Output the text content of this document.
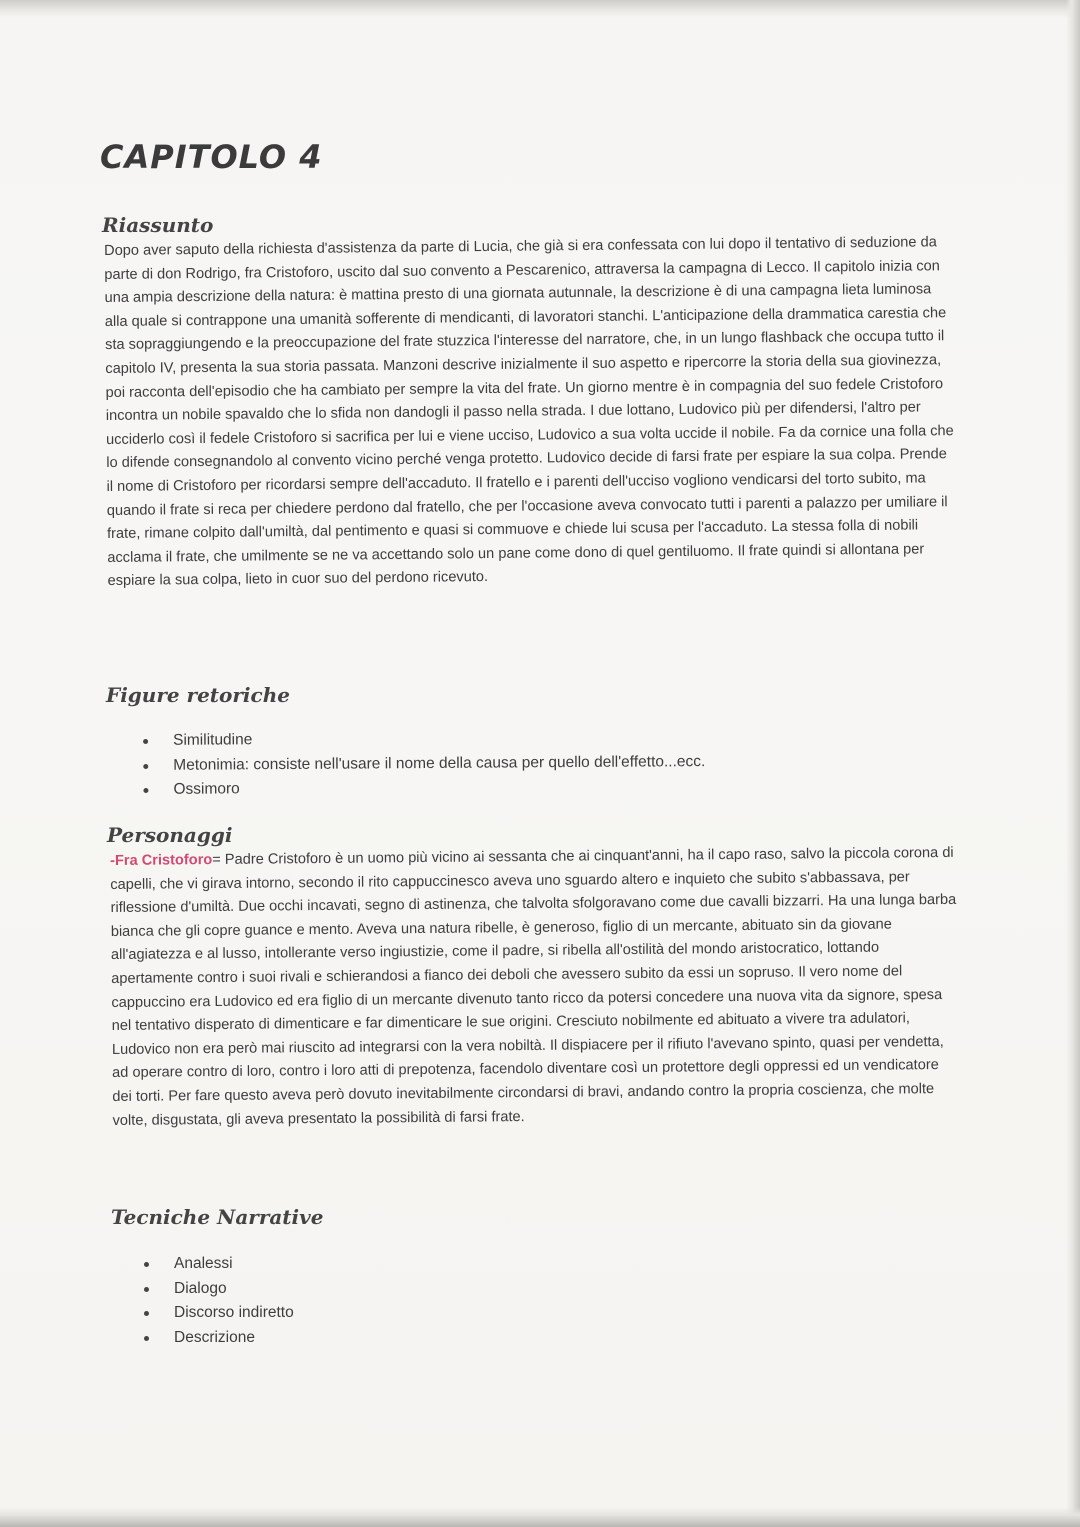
CAPITOLO 4
Riassunto

Dopo aver saputo della richiesta d'assistenza da parte di Lucia, che già si era confessata con lui dopo il tentativo di seduzione da parte di don Rodrigo, fra Cristoforo, uscito dal suo convento a Pescarenico, attraversa la campagna di Lecco. Il capitolo inizia con una ampia descrizione della natura: è mattina presto di una giornata autunnale, la descrizione è di una campagna lieta luminosa alla quale si contrappone una umanità sofferente di mendicanti, di lavoratori stanchi. L'anticipazione della drammatica carestia che sta sopraggiungendo e la preoccupazione del frate stuzzica l'interesse del narratore, che, in un lungo flashback che occupa tutto il capitolo IV, presenta la sua storia passata. Manzoni descrive inizialmente il suo aspetto e ripercorre la storia della sua giovinezza, poi racconta dell'episodio che ha cambiato per sempre la vita del frate. Un giorno mentre è in compagnia del suo fedele Cristoforo incontra un nobile spavaldo che lo sfida non dandogli il passo nella strada. I due lottano, Ludovico più per difendersi, l'altro per ucciderlo così il fedele Cristoforo si sacrifica per lui e viene ucciso, Ludovico a sua volta uccide il nobile. Fa da cornice una folla che lo difende consegnandolo al convento vicino perché venga protetto. Ludovico decide di farsi frate per espiare la sua colpa. Prende il nome di Cristoforo per ricordarsi sempre dell'accaduto. Il fratello e i parenti dell'ucciso vogliono vendicarsi del torto subito, ma quando il frate si reca per chiedere perdono dal fratello, che per l'occasione aveva convocato tutti i parenti a palazzo per umiliare il frate, rimane colpito dall'umiltà, dal pentimento e quasi si commuove e chiede lui scusa per l'accaduto. La stessa folla di nobili acclama il frate, che umilmente se ne va accettando solo un pane come dono di quel gentiluomo. Il frate quindi si allontana per espiare la sua colpa, lieto in cuor suo del perdono ricevuto.

Figure retoriche
Similitudine
Metonimia: consiste nell'usare il nome della causa per quello dell'effetto...ecc.
Ossimoro
Personaggi

-Fra Cristoforo= Padre Cristoforo è un uomo più vicino ai sessanta che ai cinquant'anni, ha il capo raso, salvo la piccola corona di capelli, che vi girava intorno, secondo il rito cappuccinesco aveva uno sguardo altero e inquieto che subito s'abbassava, per riflessione d'umiltà. Due occhi incavati, segno di astinenza, che talvolta sfolgoravano come due cavalli bizzarri. Ha una lunga barba bianca che gli copre guance e mento. Aveva una natura ribelle, è generoso, figlio di un mercante, abituato sin da giovane all'agiatezza e al lusso, intollerante verso ingiustizie, come il padre, si ribella all'ostilità del mondo aristocratico, lottando apertamente contro i suoi rivali e schierandosi a fianco dei deboli che avessero subito da essi un sopruso. Il vero nome del cappuccino era Ludovico ed era figlio di un mercante divenuto tanto ricco da potersi concedere una nuova vita da signore, spesa nel tentativo disperato di dimenticare e far dimenticare le sue origini. Cresciuto nobilmente ed abituato a vivere tra adulatori, Ludovico non era però mai riuscito ad integrarsi con la vera nobiltà. Il dispiacere per il rifiuto l'avevano spinto, quasi per vendetta, ad operare contro di loro, contro i loro atti di prepotenza, facendolo diventare così un protettore degli oppressi ed un vendicatore dei torti. Per fare questo aveva però dovuto inevitabilmente circondarsi di bravi, andando contro la propria coscienza, che molte volte, disgustata, gli aveva presentato la possibilità di farsi frate.

Tecniche Narrative
Analessi
Dialogo
Discorso indiretto
Descrizione
